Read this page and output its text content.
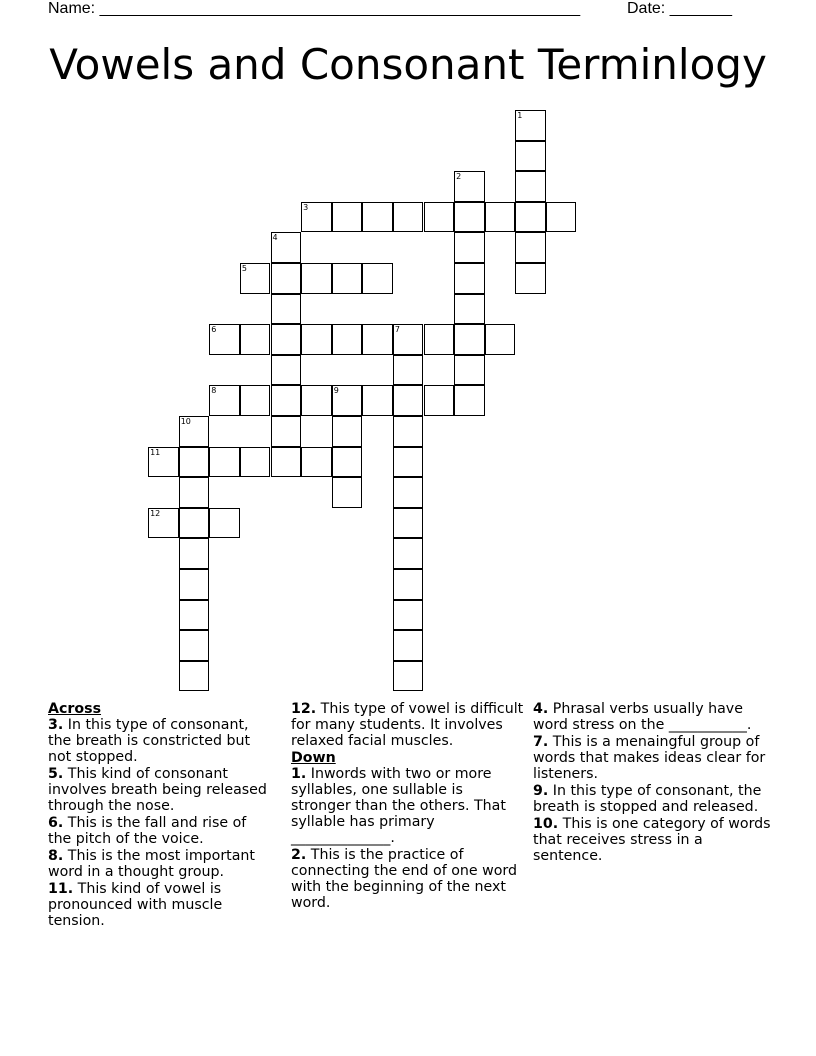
Name: ______________________________________________________	Date: _______
Vowels and Consonant Terminlogy
1
2
3
4
5
6	7
8	9
10
11
12
Across
3. In this type of consonant, the breath is constricted but not stopped.
5. This kind of consonant involves breath being released through the nose.
6. This is the fall and rise of the pitch of the voice.
8. This is the most important word in a thought group.
11. This kind of vowel is pronounced with muscle tension.
12. This type of vowel is difficult for many students. It involves relaxed facial muscles.
Down
1. Inwords with two or more syllables, one sullable is stronger than the others. That syllable has primary ______________.
2. This is the practice of connecting the end of one word with the beginning of the next word.
4. Phrasal verbs usually have word stress on the ___________.
7. This is a menaingful group of words that makes ideas clear for listeners.
9. In this type of consonant, the breath is stopped and released.
10. This is one category of words that receives stress in a sentence.
